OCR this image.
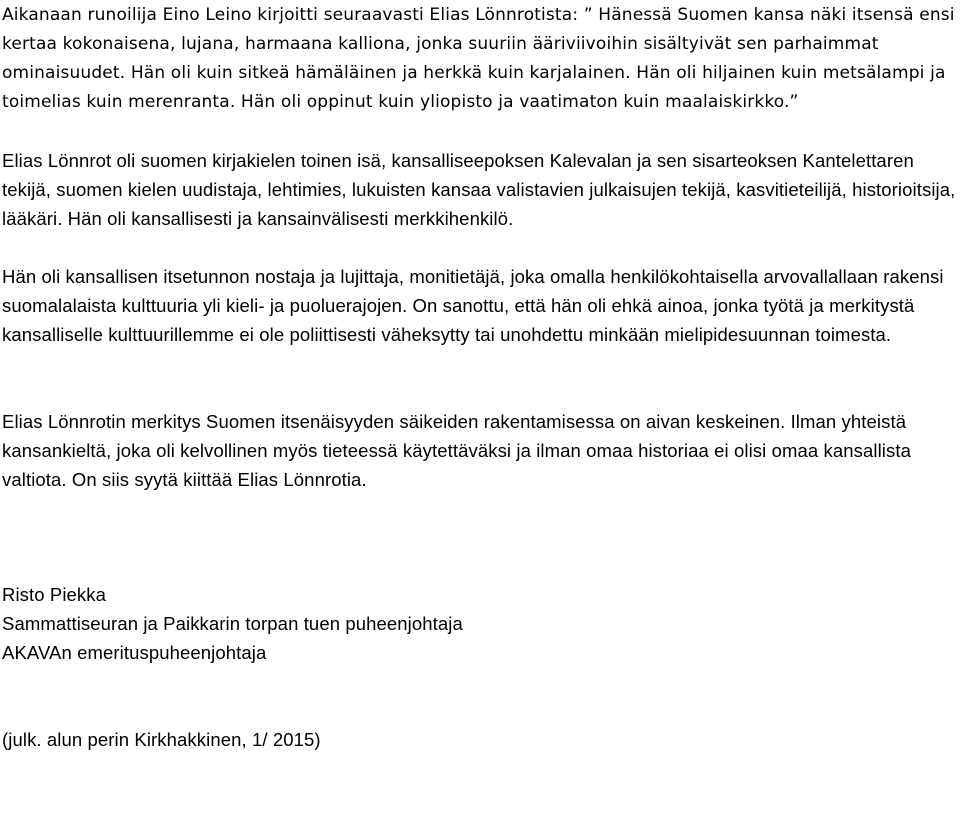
Aikanaan runoilija Eino Leino kirjoitti seuraavasti Elias Lönnrotista: ” Hänessä Suomen kansa näki itsensä ensi kertaa kokonaisena, lujana, harmaana kalliona, jonka suuriin ääriviivoihin sisältyivät sen parhaimmat ominaisuudet. Hän oli kuin sitkeä hämäläinen ja herkkä kuin karjalainen. Hän oli hiljainen kuin metsälampi ja toimelias kuin merenranta. Hän oli oppinut kuin yliopisto ja vaatimaton kuin maalaiskirkko.”

Elias Lönnrot oli suomen kirjakielen toinen isä, kansalliseepoksen Kalevalan ja sen sisarteoksen Kantelettaren tekijä, suomen kielen uudistaja, lehtimies, lukuisten kansaa valistavien julkaisujen tekijä, kasvitieteilijä, historioitsija, lääkäri. Hän oli kansallisesti ja kansainvälisesti merkkihenkilö.

Hän oli kansallisen itsetunnon nostaja ja lujittaja, monitietäjä, joka omalla henkilökohtaisella arvovallallaan rakensi suomalalaista kulttuuria yli kieli- ja puoluerajojen. On sanottu, että hän oli ehkä ainoa, jonka työtä ja merkitystä kansalliselle kulttuurillemme ei ole poliittisesti väheksytty tai unohdettu minkään mielipidesuunnan toimesta.

Elias Lönnrotin merkitys Suomen itsenäisyyden säikeiden rakentamisessa on aivan keskeinen. Ilman yhteistä kansankieltä, joka oli kelvollinen myös tieteessä käytettäväksi ja ilman omaa historiaa ei olisi omaa kansallista valtiota. On siis syytä kiittää Elias Lönnrotia.

Risto Piekka
Sammattiseuran ja Paikkarin torpan tuen puheenjohtaja
AKAVAn emerituspuheenjohtaja

(julk. alun perin Kirkhakkinen, 1/ 2015)
